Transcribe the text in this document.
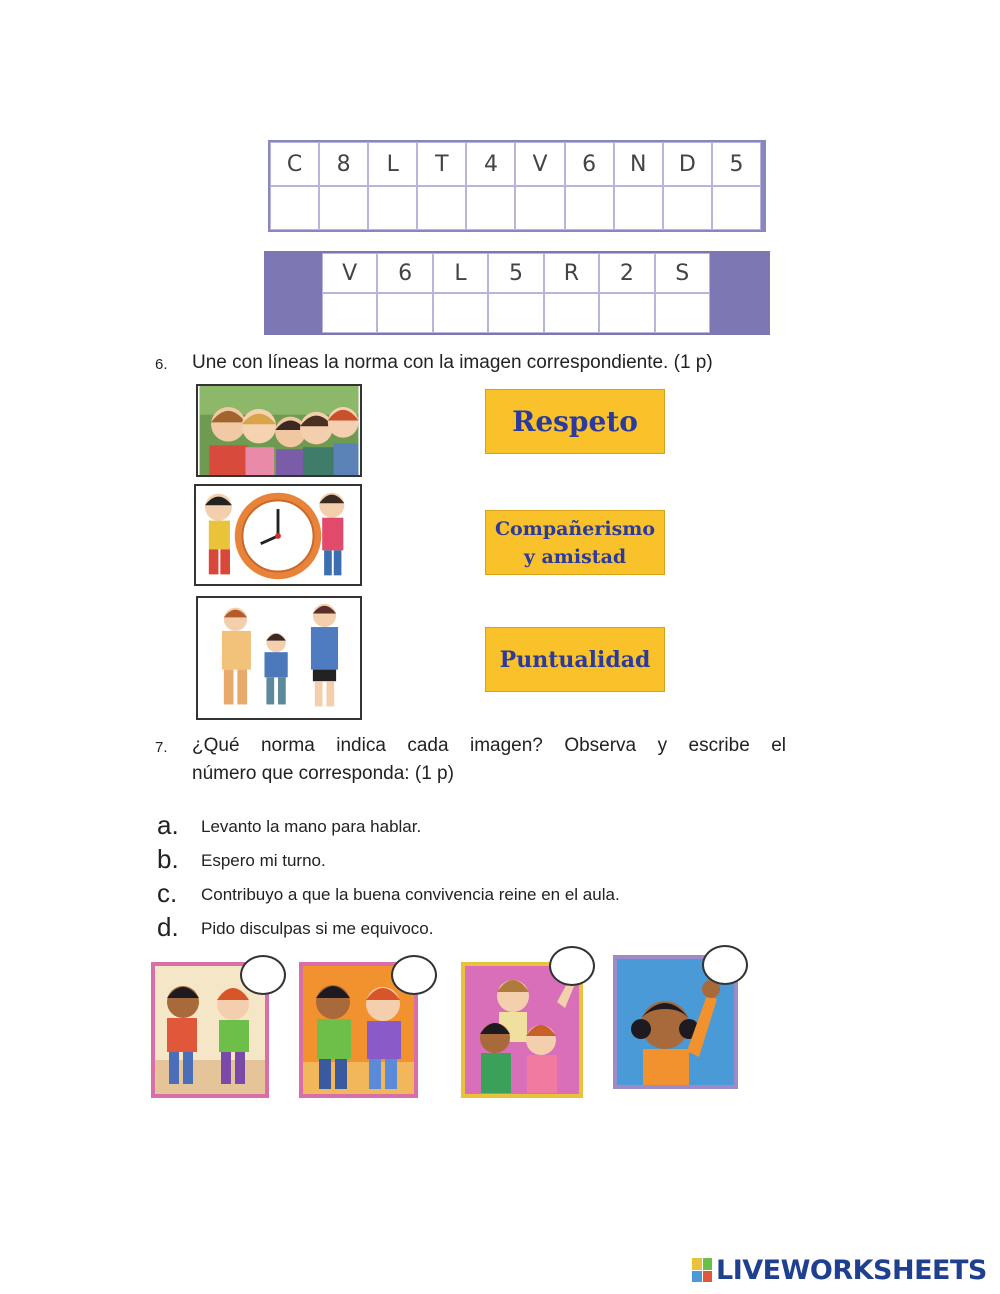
C	8	L	T	4	V	6	N	D	5
V	6	L	5	R	2	S
6. Une con líneas la norma con la imagen correspondiente. (1 p)
Respeto
Compañerismo y amistad
Puntualidad
7. ¿Qué norma indica cada imagen? Observa y escribe el
número que corresponda: (1 p)
a. Levanto la mano para hablar.
b. Espero mi turno.
c. Contribuyo a que la buena convivencia reine en el aula.
d. Pido disculpas si me equivoco.
LIVEWORKSHEETS
